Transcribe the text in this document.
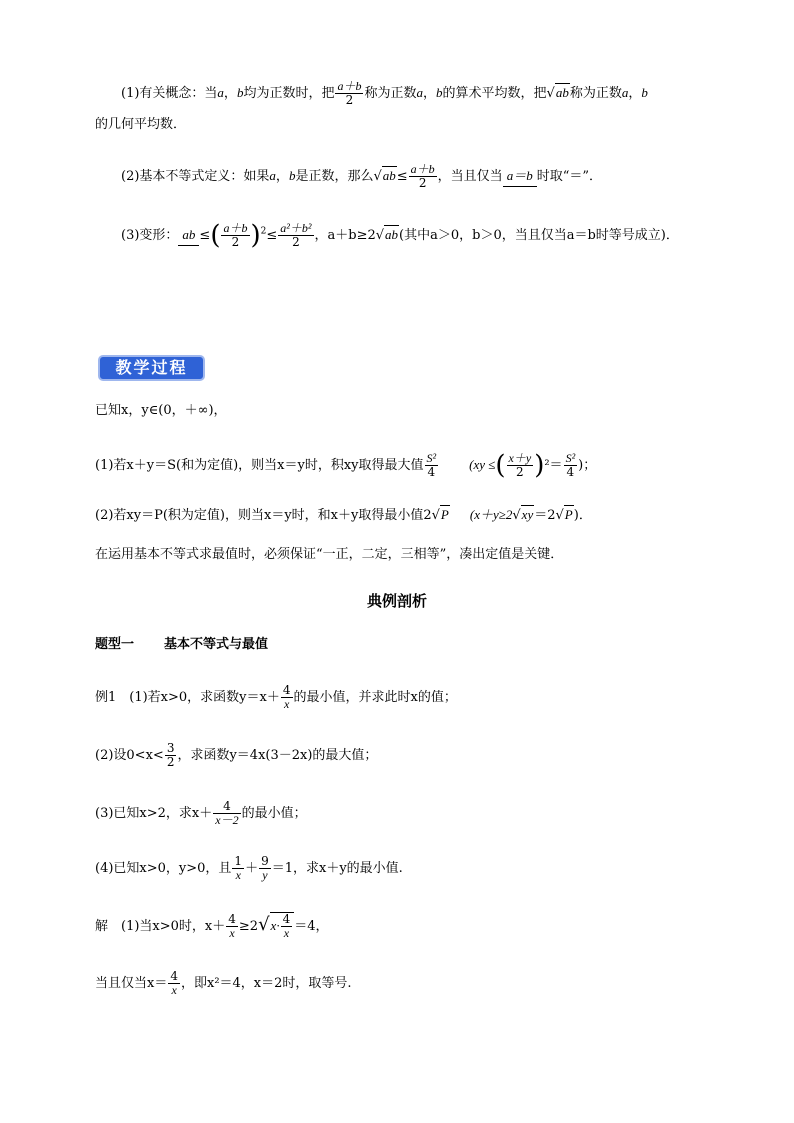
(1)有关概念：当a，b均为正数时，把 $\frac{a+b}{2}$ 称为正数a，b的算术平均数，把√ab称为正数a，b
的几何平均数．
(2)基本不等式定义：如果a，b是正数，那么$√ab\le \frac{a+b}{2}$ ，当且仅当 a＝b 时取“＝”．
(3)变形： ab ≤( $\frac{a+b}{2} )^2\le \frac{\text{a²＋b²}}{2}$ ，a＋b≥2√ab(其中a＞0，b＞0，当且仅当a＝b时等号成立)．
教学过程
已知x，y∈(0，＋∞)，
(1)若x＋y＝S(和为定值)，则当x＝y时，积xy取得最大值 $\frac{\text{S²}}{4} (xy$ ≤( $\frac{x+y}{2} )^2= \frac{\text{S²}}{4}$ )；
(2)若xy＝P(积为定值)，则当x＝y时，和x＋y取得最小值2√P (x＋y≥2√xy＝2√P)．
在运用基本不等式求最值时，必须保证“一正，二定，三相等”，凑出定值是关键．
典例剖析
题型一 基本不等式与最值
例1　(1)若x>0，求函数$y=x+ \frac{4}{x}$ 的最小值，并求此时x的值；
(2)设$0<x< \frac{3}{2}$ ，求函数y＝4x(3－2x)的最大值；
(3)已知x>2，求$x+ \frac{4}{x-2}$ 的最小值；
(4)已知x>0，y>0，且 $\frac{1}{x} + \frac{9}{y} =1$，求x＋y的最小值.
解　(1)当x>0时，$x+ \frac{4}{x} \ge 2√x\cdot \frac{4}{x} =4$，
当且仅当$x= \frac{4}{x}$ ，即x²＝4，x＝2时，取等号.
